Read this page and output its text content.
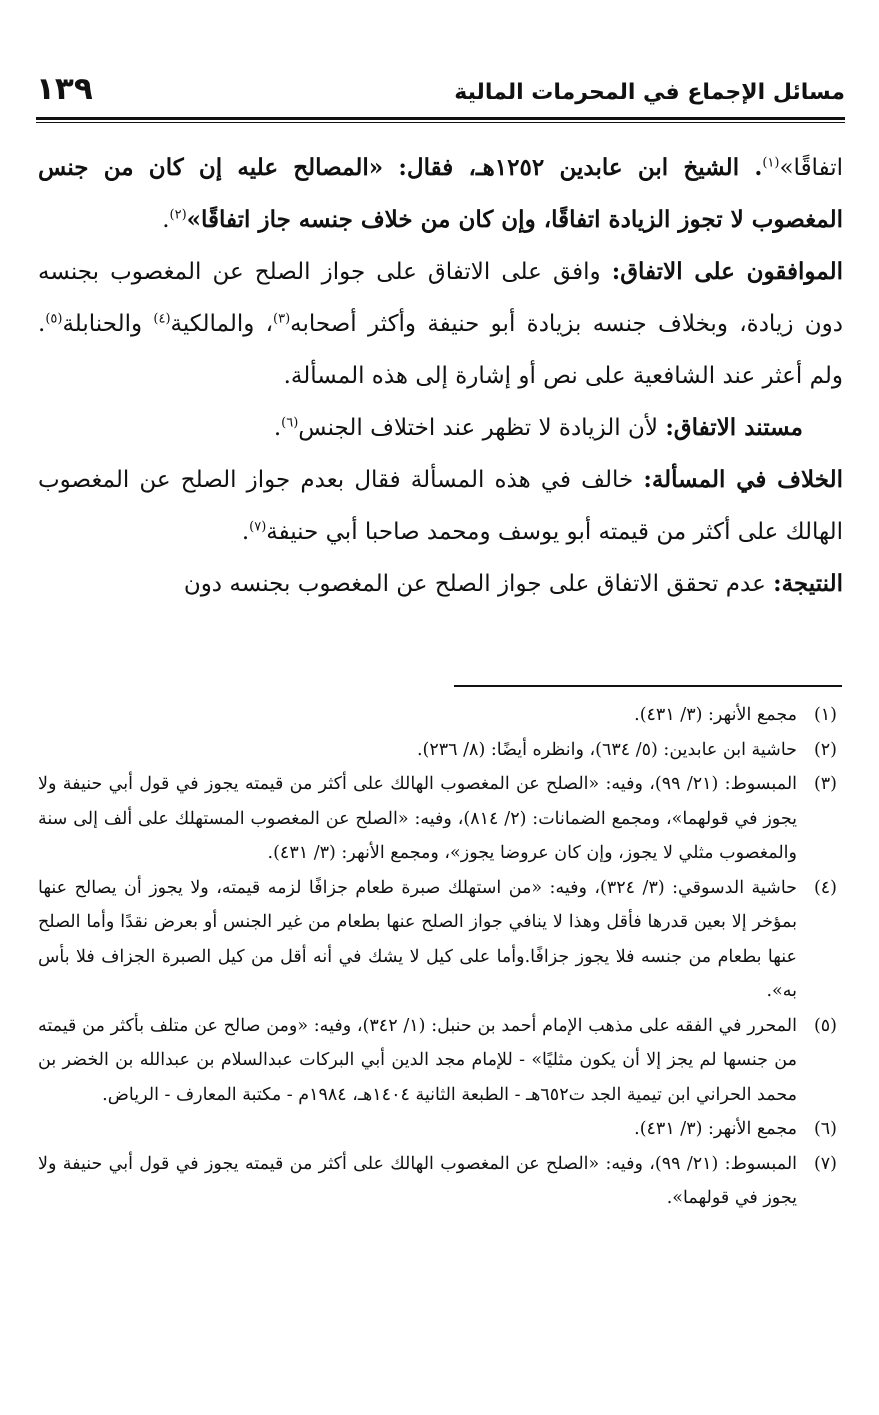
مسائل الإجماع في المحرمات المالية
١٣٩

اتفاقًا»$^{(١)}$. الشيخ ابن عابدين ١٢٥٢هـ، فقال: «المصالح عليه إن كان من جنس المغصوب لا تجوز الزيادة اتفاقًا، وإن كان من خلاف جنسه جاز اتفاقًا»$^{(٢)}$.

الموافقون على الاتفاق: وافق على الاتفاق على جواز الصلح عن المغصوب بجنسه دون زيادة، وبخلاف جنسه بزيادة أبو حنيفة وأكثر أصحابه$^{(٣)}$، والمالكية$^{(٤)}$ والحنابلة$^{(٥)}$. ولم أعثر عند الشافعية على نص أو إشارة إلى هذه المسألة.

مستند الاتفاق: لأن الزيادة لا تظهر عند اختلاف الجنس$^{(٦)}$.

الخلاف في المسألة: خالف في هذه المسألة فقال بعدم جواز الصلح عن المغصوب الهالك على أكثر من قيمته أبو يوسف ومحمد صاحبا أبي حنيفة$^{(٧)}$.

النتيجة: عدم تحقق الاتفاق على جواز الصلح عن المغصوب بجنسه دون

(١)
مجمع الأنهر: (٣/ ٤٣١).
(٢)
حاشية ابن عابدين: (٥/ ٦٣٤)، وانظره أيضًا: (٨/ ٢٣٦).
(٣)
المبسوط: (٢١/ ٩٩)، وفيه: «الصلح عن المغصوب الهالك على أكثر من قيمته يجوز في قول أبي حنيفة ولا يجوز في قولهما»، ومجمع الضمانات: (٢/ ٨١٤)، وفيه: «الصلح عن المغصوب المستهلك على ألف إلى سنة والمغصوب مثلي لا يجوز، وإن كان عروضا يجوز»، ومجمع الأنهر: (٣/ ٤٣١).
(٤)
حاشية الدسوقي: (٣/ ٣٢٤)، وفيه: «من استهلك صبرة طعام جزافًا لزمه قيمته، ولا يجوز أن يصالح عنها بمؤخر إلا بعين قدرها فأقل وهذا لا ينافي جواز الصلح عنها بطعام من غير الجنس أو بعرض نقدًا وأما الصلح عنها بطعام من جنسه فلا يجوز جزافًا.وأما على كيل لا يشك في أنه أقل من كيل الصبرة الجزاف فلا بأس به».
(٥)
المحرر في الفقه على مذهب الإمام أحمد بن حنبل: (١/ ٣٤٢)، وفيه: «ومن صالح عن متلف بأكثر من قيمته من جنسها لم يجز إلا أن يكون مثليًا» - للإمام مجد الدين أبي البركات عبدالسلام بن عبدالله بن الخضر بن محمد الحراني ابن تيمية الجد ت٦٥٢هـ - الطبعة الثانية ١٤٠٤هـ، ١٩٨٤م - مكتبة المعارف - الرياض.
(٦)
مجمع الأنهر: (٣/ ٤٣١).
(٧)
المبسوط: (٢١/ ٩٩)، وفيه: «الصلح عن المغصوب الهالك على أكثر من قيمته يجوز في قول أبي حنيفة ولا يجوز في قولهما».
